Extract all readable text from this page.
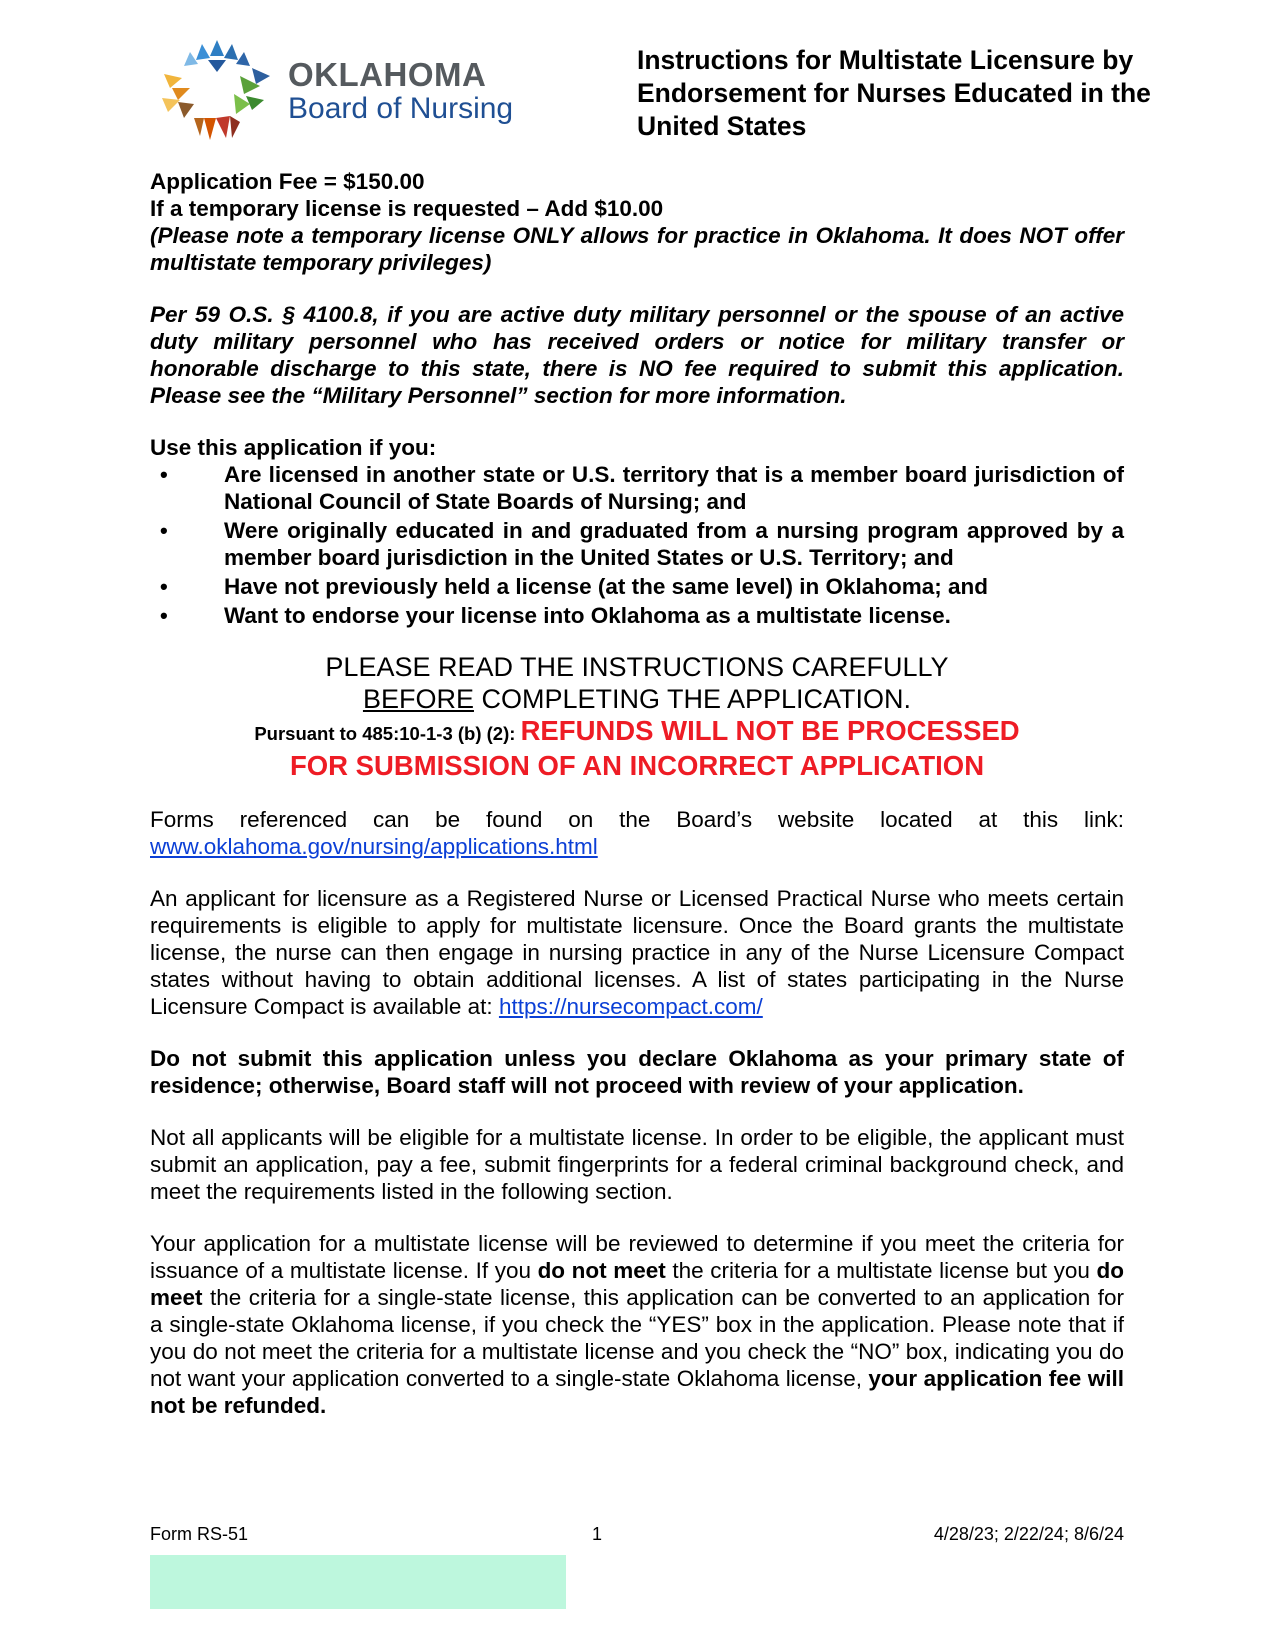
OKLAHOMA
Board of Nursing
Instructions for Multistate Licensure by Endorsement for Nurses Educated in the United States

Application Fee = $150.00

If a temporary license is requested – Add $10.00

(Please note a temporary license ONLY allows for practice in Oklahoma. It does NOT offer multistate temporary privileges)

Per 59 O.S. § 4100.8, if you are active duty military personnel or the spouse of an active duty military personnel who has received orders or notice for military transfer or honorable discharge to this state, there is NO fee required to submit this application. Please see the “Military Personnel” section for more information.

Use this application if you:

• Are licensed in another state or U.S. territory that is a member board jurisdiction of National Council of State Boards of Nursing; and
• Were originally educated in and graduated from a nursing program approved by a member board jurisdiction in the United States or U.S. Territory; and
• Have not previously held a license (at the same level) in Oklahoma; and
• Want to endorse your license into Oklahoma as a multistate license.
PLEASE READ THE INSTRUCTIONS CAREFULLY
BEFORE COMPLETING THE APPLICATION.
Pursuant to 485:10-1-3 (b) (2): REFUNDS WILL NOT BE PROCESSED
FOR SUBMISSION OF AN INCORRECT APPLICATION

Forms referenced can be found on the Board’s website located at this link: www.oklahoma.gov/nursing/applications.html

An applicant for licensure as a Registered Nurse or Licensed Practical Nurse who meets certain requirements is eligible to apply for multistate licensure. Once the Board grants the multistate license, the nurse can then engage in nursing practice in any of the Nurse Licensure Compact states without having to obtain additional licenses. A list of states participating in the Nurse Licensure Compact is available at: https://nursecompact.com/

Do not submit this application unless you declare Oklahoma as your primary state of residence; otherwise, Board staff will not proceed with review of your application.

Not all applicants will be eligible for a multistate license. In order to be eligible, the applicant must submit an application, pay a fee, submit fingerprints for a federal criminal background check, and meet the requirements listed in the following section.

Your application for a multistate license will be reviewed to determine if you meet the criteria for issuance of a multistate license. If you do not meet the criteria for a multistate license but you do meet the criteria for a single-state license, this application can be converted to an application for a single-state Oklahoma license, if you check the “YES” box in the application. Please note that if you do not meet the criteria for a multistate license and you check the “NO” box, indicating you do not want your application converted to a single-state Oklahoma license, your application fee will not be refunded.

Form RS-51	1	4/28/23; 2/22/24; 8/6/24
